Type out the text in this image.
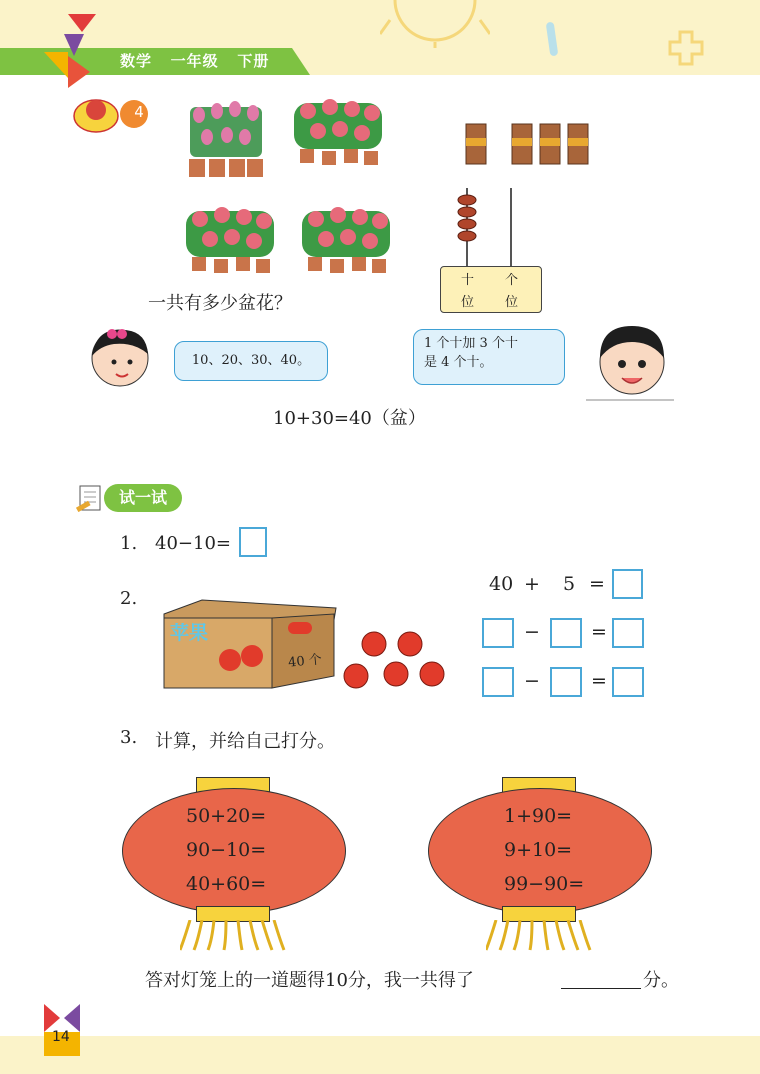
数学   一年级   下册
4
十 个
位 位
一共有多少盆花？
10、20、30、40。
1 个十加 3 个十
是 4 个十。
10+30=40（盆）
试一试
1. 40−10=
2.
苹果
40 个
40 + 5 =
−	=
−	=
3. 计算，并给自己打分。
50+20=
90−10=
40+60=
1+90=
9+10=
99−90=
答对灯笼上的一道题得10分，我一共得了	分。
14
